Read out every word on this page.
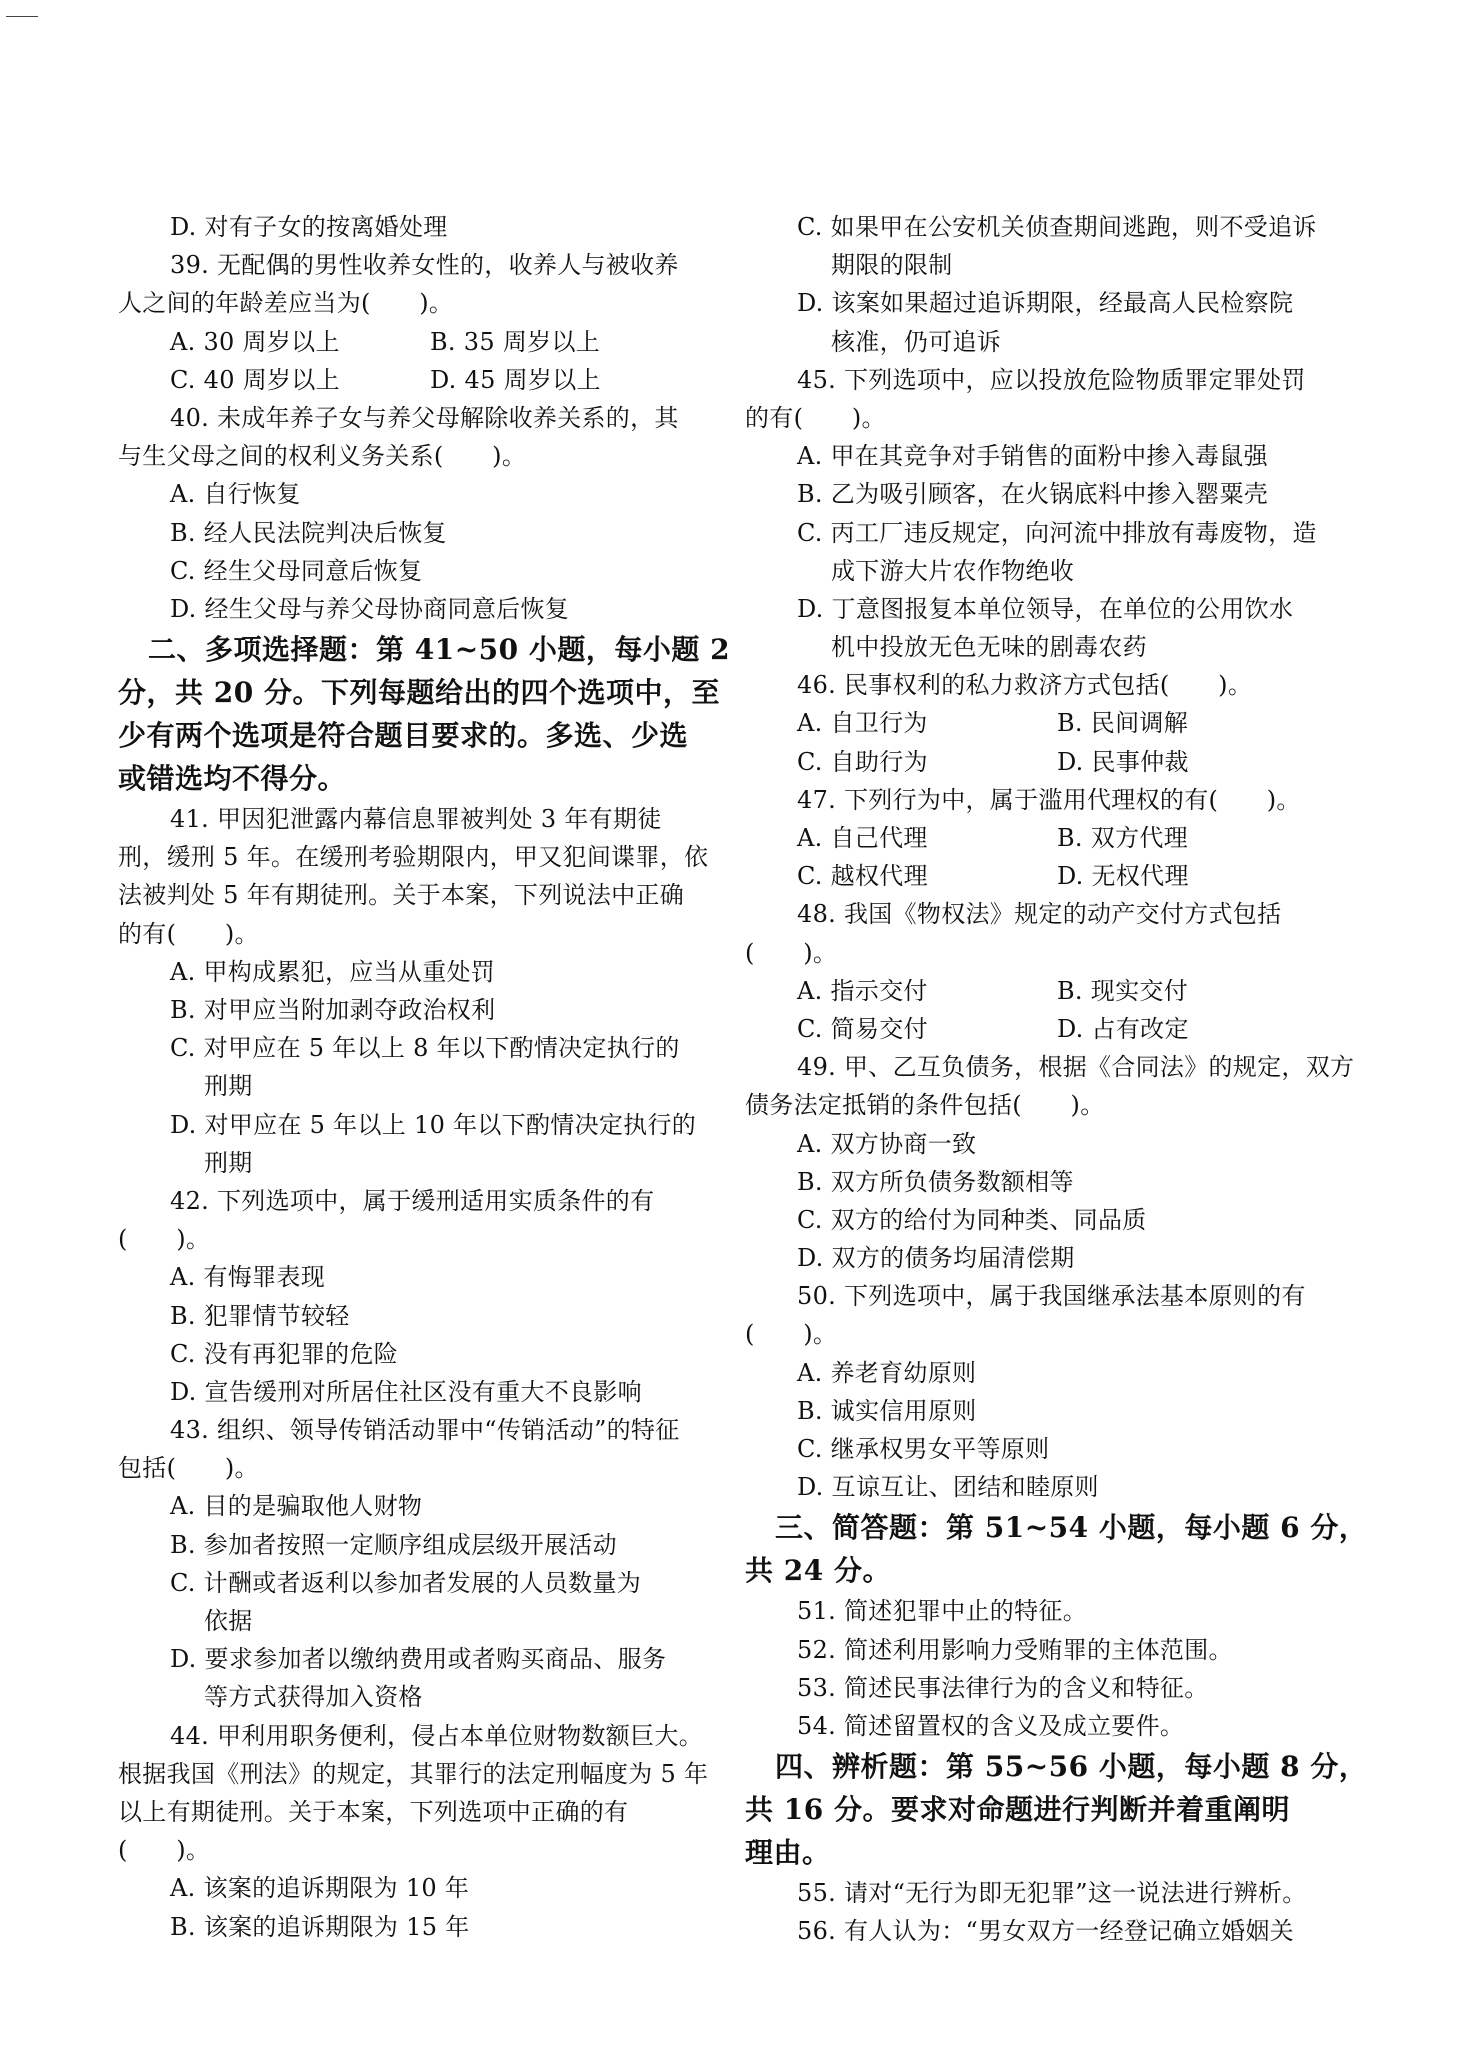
D. 对有子女的按离婚处理
39. 无配偶的男性收养女性的，收养人与被收养
人之间的年龄差应当为(　　)。
A. 30 周岁以上	B. 35 周岁以上
C. 40 周岁以上	D. 45 周岁以上
40. 未成年养子女与养父母解除收养关系的，其
与生父母之间的权利义务关系(　　)。
A. 自行恢复
B. 经人民法院判决后恢复
C. 经生父母同意后恢复
D. 经生父母与养父母协商同意后恢复
二、多项选择题：第 41~50 小题，每小题 2
分，共 20 分。下列每题给出的四个选项中，至
少有两个选项是符合题目要求的。多选、少选
或错选均不得分。
41. 甲因犯泄露内幕信息罪被判处 3 年有期徒
刑，缓刑 5 年。在缓刑考验期限内，甲又犯间谍罪，依
法被判处 5 年有期徒刑。关于本案，下列说法中正确
的有(　　)。
A. 甲构成累犯，应当从重处罚
B. 对甲应当附加剥夺政治权利
C. 对甲应在 5 年以上 8 年以下酌情决定执行的
刑期
D. 对甲应在 5 年以上 10 年以下酌情决定执行的
刑期
42. 下列选项中，属于缓刑适用实质条件的有
(　　)。
A. 有悔罪表现
B. 犯罪情节较轻
C. 没有再犯罪的危险
D. 宣告缓刑对所居住社区没有重大不良影响
43. 组织、领导传销活动罪中“传销活动”的特征
包括(　　)。
A. 目的是骗取他人财物
B. 参加者按照一定顺序组成层级开展活动
C. 计酬或者返利以参加者发展的人员数量为
依据
D. 要求参加者以缴纳费用或者购买商品、服务
等方式获得加入资格
44. 甲利用职务便利，侵占本单位财物数额巨大。
根据我国《刑法》的规定，其罪行的法定刑幅度为 5 年
以上有期徒刑。关于本案，下列选项中正确的有
(　　)。
A. 该案的追诉期限为 10 年
B. 该案的追诉期限为 15 年
C. 如果甲在公安机关侦查期间逃跑，则不受追诉
期限的限制
D. 该案如果超过追诉期限，经最高人民检察院
核准，仍可追诉
45. 下列选项中，应以投放危险物质罪定罪处罚
的有(　　)。
A. 甲在其竞争对手销售的面粉中掺入毒鼠强
B. 乙为吸引顾客，在火锅底料中掺入罂粟壳
C. 丙工厂违反规定，向河流中排放有毒废物，造
成下游大片农作物绝收
D. 丁意图报复本单位领导，在单位的公用饮水
机中投放无色无味的剧毒农药
46. 民事权利的私力救济方式包括(　　)。
A. 自卫行为	B. 民间调解
C. 自助行为	D. 民事仲裁
47. 下列行为中，属于滥用代理权的有(　　)。
A. 自己代理	B. 双方代理
C. 越权代理	D. 无权代理
48. 我国《物权法》规定的动产交付方式包括
(　　)。
A. 指示交付	B. 现实交付
C. 简易交付	D. 占有改定
49. 甲、乙互负债务，根据《合同法》的规定，双方
债务法定抵销的条件包括(　　)。
A. 双方协商一致
B. 双方所负债务数额相等
C. 双方的给付为同种类、同品质
D. 双方的债务均届清偿期
50. 下列选项中，属于我国继承法基本原则的有
(　　)。
A. 养老育幼原则
B. 诚实信用原则
C. 继承权男女平等原则
D. 互谅互让、团结和睦原则
三、简答题：第 51~54 小题，每小题 6 分，
共 24 分。
51. 简述犯罪中止的特征。
52. 简述利用影响力受贿罪的主体范围。
53. 简述民事法律行为的含义和特征。
54. 简述留置权的含义及成立要件。
四、辨析题：第 55~56 小题，每小题 8 分，
共 16 分。要求对命题进行判断并着重阐明
理由。
55. 请对“无行为即无犯罪”这一说法进行辨析。
56. 有人认为：“男女双方一经登记确立婚姻关
